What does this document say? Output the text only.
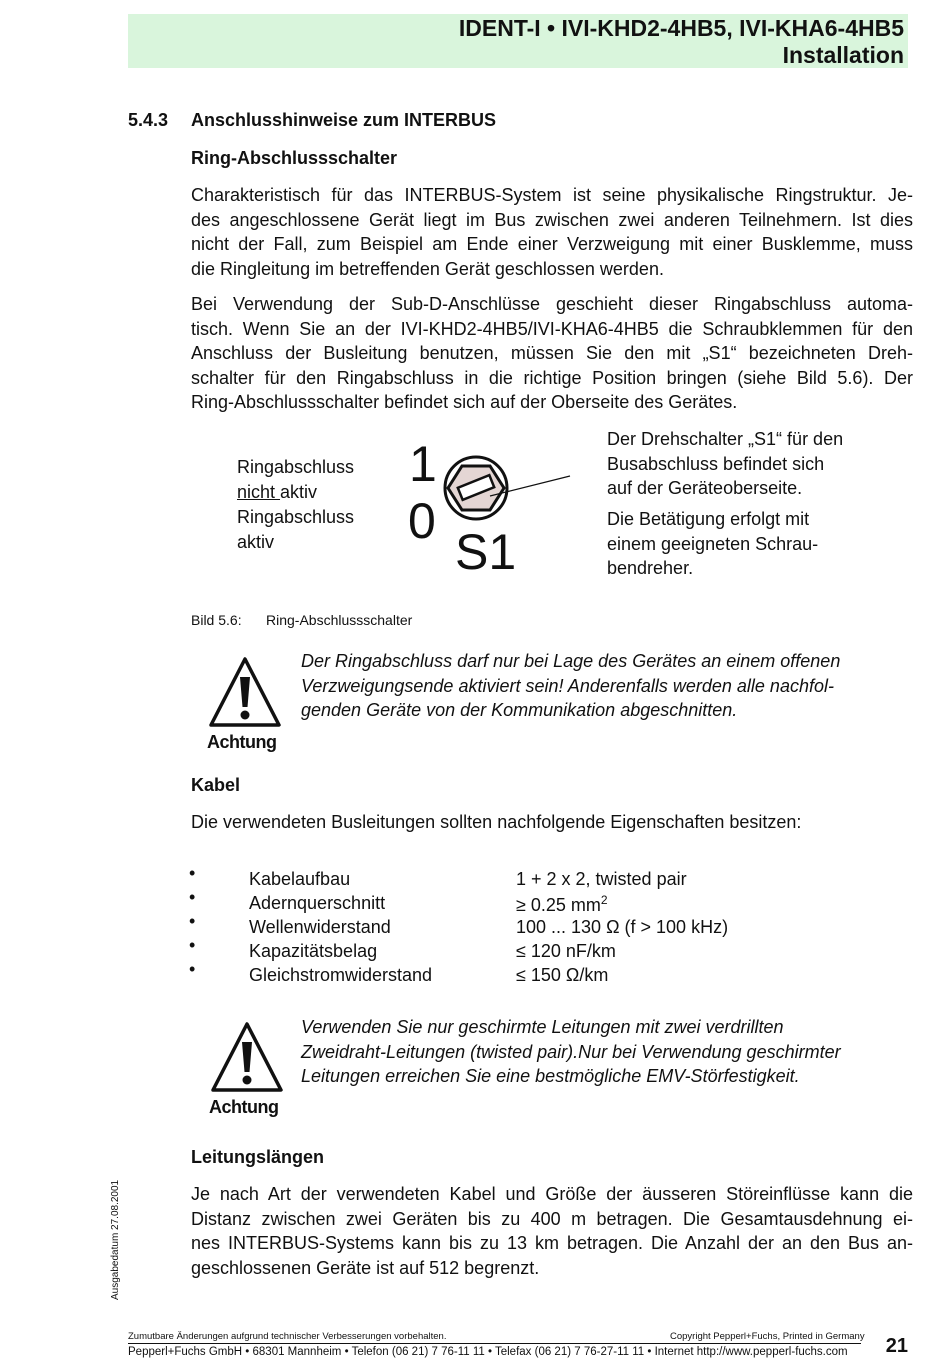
IDENT-I • IVI-KHD2-4HB5, IVI-KHA6-4HB5
Installation
5.4.3 Anschlusshinweise zum INTERBUS
Ring-Abschlussschalter
Charakteristisch für das INTERBUS-System ist seine physikalische Ringstruktur. Je-
des angeschlossene Gerät liegt im Bus zwischen zwei anderen Teilnehmern. Ist dies
nicht der Fall, zum Beispiel am Ende einer Verzweigung mit einer Busklemme, muss
die Ringleitung im betreffenden Gerät geschlossen werden.
Bei Verwendung der Sub-D-Anschlüsse geschieht dieser Ringabschluss automa-
tisch. Wenn Sie an der IVI-KHD2-4HB5/IVI-KHA6-4HB5 die Schraubklemmen für den
Anschluss der Busleitung benutzen, müssen Sie den mit „S1“ bezeichneten Dreh-
schalter für den Ringabschluss in die richtige Position bringen (siehe Bild 5.6). Der
Ring-Abschlussschalter befindet sich auf der Oberseite des Gerätes.
Ringabschluss
nicht aktiv
Ringabschluss
aktiv
1
0
S1
Der Drehschalter „S1“ für den
Busabschluss befindet sich
auf der Geräteoberseite.
Die Betätigung erfolgt mit
einem geeigneten Schrau-
bendreher.
Bild 5.6: Ring-Abschlussschalter
Achtung
Der Ringabschluss darf nur bei Lage des Gerätes an einem offenen
Verzweigungsende aktiviert sein! Anderenfalls werden alle nachfol-
genden Geräte von der Kommunikation abgeschnitten.
Kabel
Die verwendeten Busleitungen sollten nachfolgende Eigenschaften besitzen:
•	Kabelaufbau	1 + 2 x 2, twisted pair
•	Adernquerschnitt	≥ 0.25 $mm^2$
•	Wellenwiderstand	100 ... 130 Ω (f > 100 kHz)
•	Kapazitätsbelag	≤ 120 nF/km
•	Gleichstromwiderstand	≤ 150 Ω/km
Achtung
Verwenden Sie nur geschirmte Leitungen mit zwei verdrillten
Zweidraht-Leitungen (twisted pair).Nur bei Verwendung geschirmter
Leitungen erreichen Sie eine bestmögliche EMV-Störfestigkeit.
Leitungslängen
Je nach Art der verwendeten Kabel und Größe der äusseren Störeinflüsse kann die
Distanz zwischen zwei Geräten bis zu 400 m betragen. Die Gesamtausdehnung ei-
nes INTERBUS-Systems kann bis zu 13 km betragen. Die Anzahl der an den Bus an-
geschlossenen Geräte ist auf 512 begrenzt.
Ausgabedatum 27.08.2001
Zumutbare Änderungen aufgrund technischer Verbesserungen vorbehalten.	Copyright Pepperl+Fuchs, Printed in Germany
Pepperl+Fuchs GmbH • 68301 Mannheim • Telefon (06 21) 7 76-11 11 • Telefax (06 21) 7 76-27-11 11 • Internet http://www.pepperl-fuchs.com 21
